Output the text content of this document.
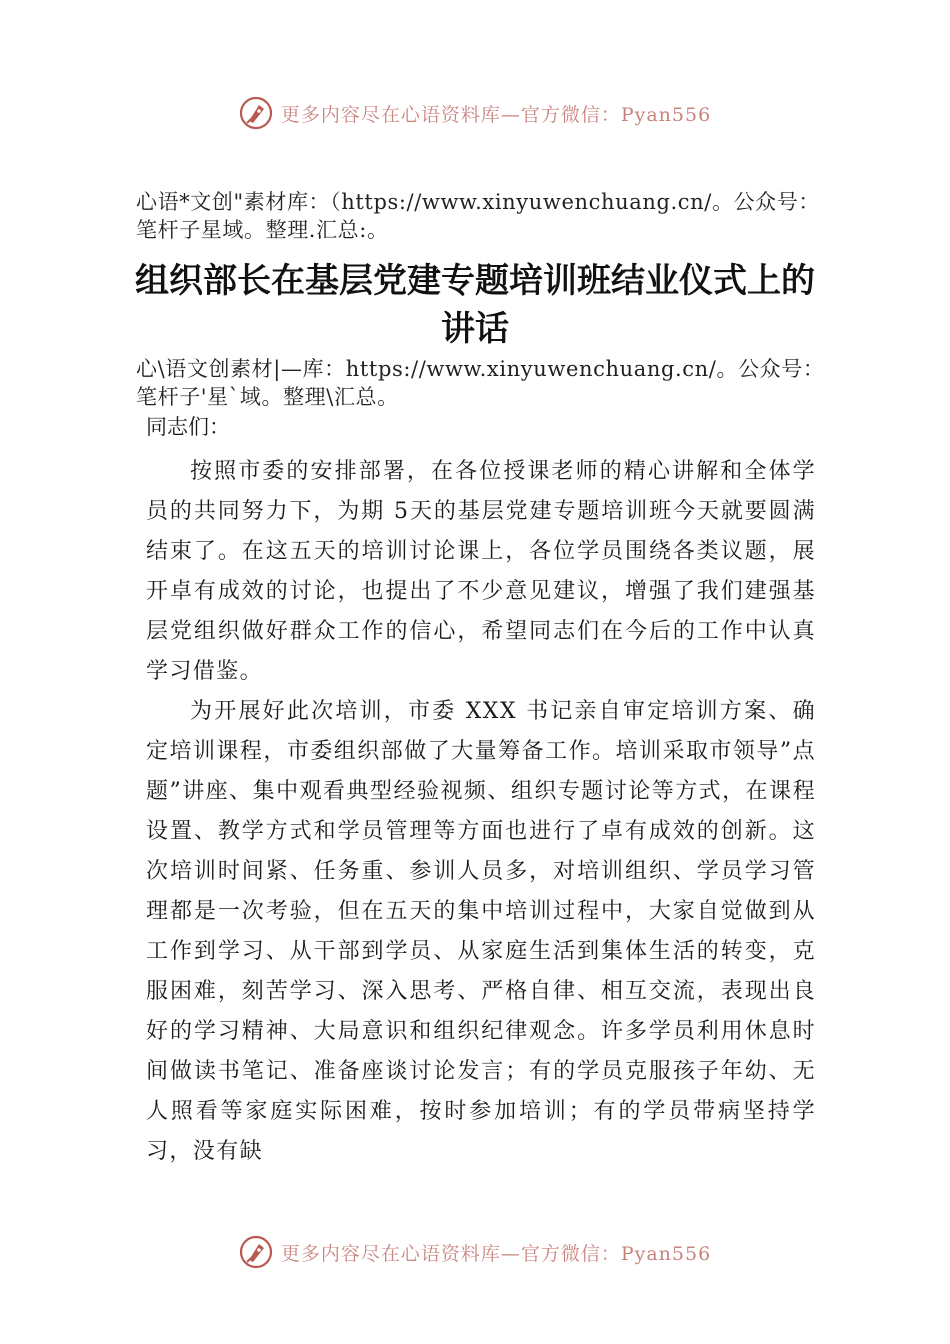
更多内容尽在心语资料库—官方微信：Pyan556

心语*文创"素材库：（https://www.xinyuwenchuang.cn/。公众号：笔杆子星域。整理.汇总:。

组织部长在基层党建专题培训班结业仪式上的讲话

心\语文创素材|—库：https://www.xinyuwenchuang.cn/。公众号：笔杆子'星`域。整理\汇总。

同志们：

按照市委的安排部署，在各位授课老师的精心讲解和全体学员的共同努力下，为期 5天的基层党建专题培训班今天就要圆满结束了。在这五天的培训讨论课上，各位学员围绕各类议题，展开卓有成效的讨论，也提出了不少意见建议，增强了我们建强基层党组织做好群众工作的信心，希望同志们在今后的工作中认真学习借鉴。

为开展好此次培训，市委 XXX 书记亲自审定培训方案、确定培训课程，市委组织部做了大量筹备工作。培训采取市领导”点题”讲座、集中观看典型经验视频、组织专题讨论等方式，在课程设置、教学方式和学员管理等方面也进行了卓有成效的创新。这次培训时间紧、任务重、参训人员多，对培训组织、学员学习管理都是一次考验，但在五天的集中培训过程中，大家自觉做到从工作到学习、从干部到学员、从家庭生活到集体生活的转变，克服困难，刻苦学习、深入思考、严格自律、相互交流，表现出良好的学习精神、大局意识和组织纪律观念。许多学员利用休息时间做读书笔记、准备座谈讨论发言；有的学员克服孩子年幼、无人照看等家庭实际困难，按时参加培训；有的学员带病坚持学习，没有缺

更多内容尽在心语资料库—官方微信：Pyan556
